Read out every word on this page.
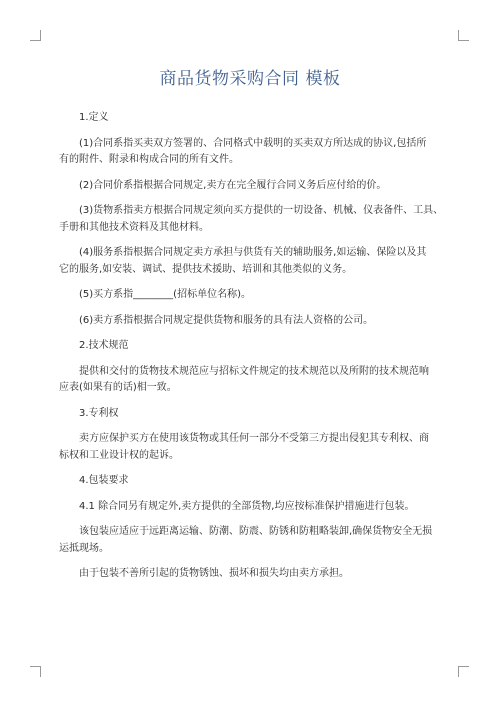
商品货物采购合同 模板

1.定义

(1)合同系指买卖双方签署的、合同格式中载明的买卖双方所达成的协议,包括所
有的附件、附录和构成合同的所有文件。

(2)合同价系指根据合同规定,卖方在完全履行合同义务后应付给的价。

(3)货物系指卖方根据合同规定须向买方提供的一切设备、机械、仪表备件、工具、
手册和其他技术资料及其他材料。

(4)服务系指根据合同规定卖方承担与供货有关的辅助服务,如运输、保险以及其
它的服务,如安装、调试、提供技术援助、培训和其他类似的义务。

(5)买方系指________(招标单位名称)。

(6)卖方系指根据合同规定提供货物和服务的具有法人资格的公司。

2.技术规范

提供和交付的货物技术规范应与招标文件规定的技术规范以及所附的技术规范响
应表(如果有的话)相一致。

3.专利权

卖方应保护买方在使用该货物或其任何一部分不受第三方提出侵犯其专利权、商
标权和工业设计权的起诉。

4.包装要求

4.1 除合同另有规定外,卖方提供的全部货物,均应按标准保护措施进行包装。

该包装应适应于远距离运输、防潮、防震、防锈和防粗略装卸,确保货物安全无损
运抵现场。

由于包装不善所引起的货物锈蚀、损坏和损失均由卖方承担。
